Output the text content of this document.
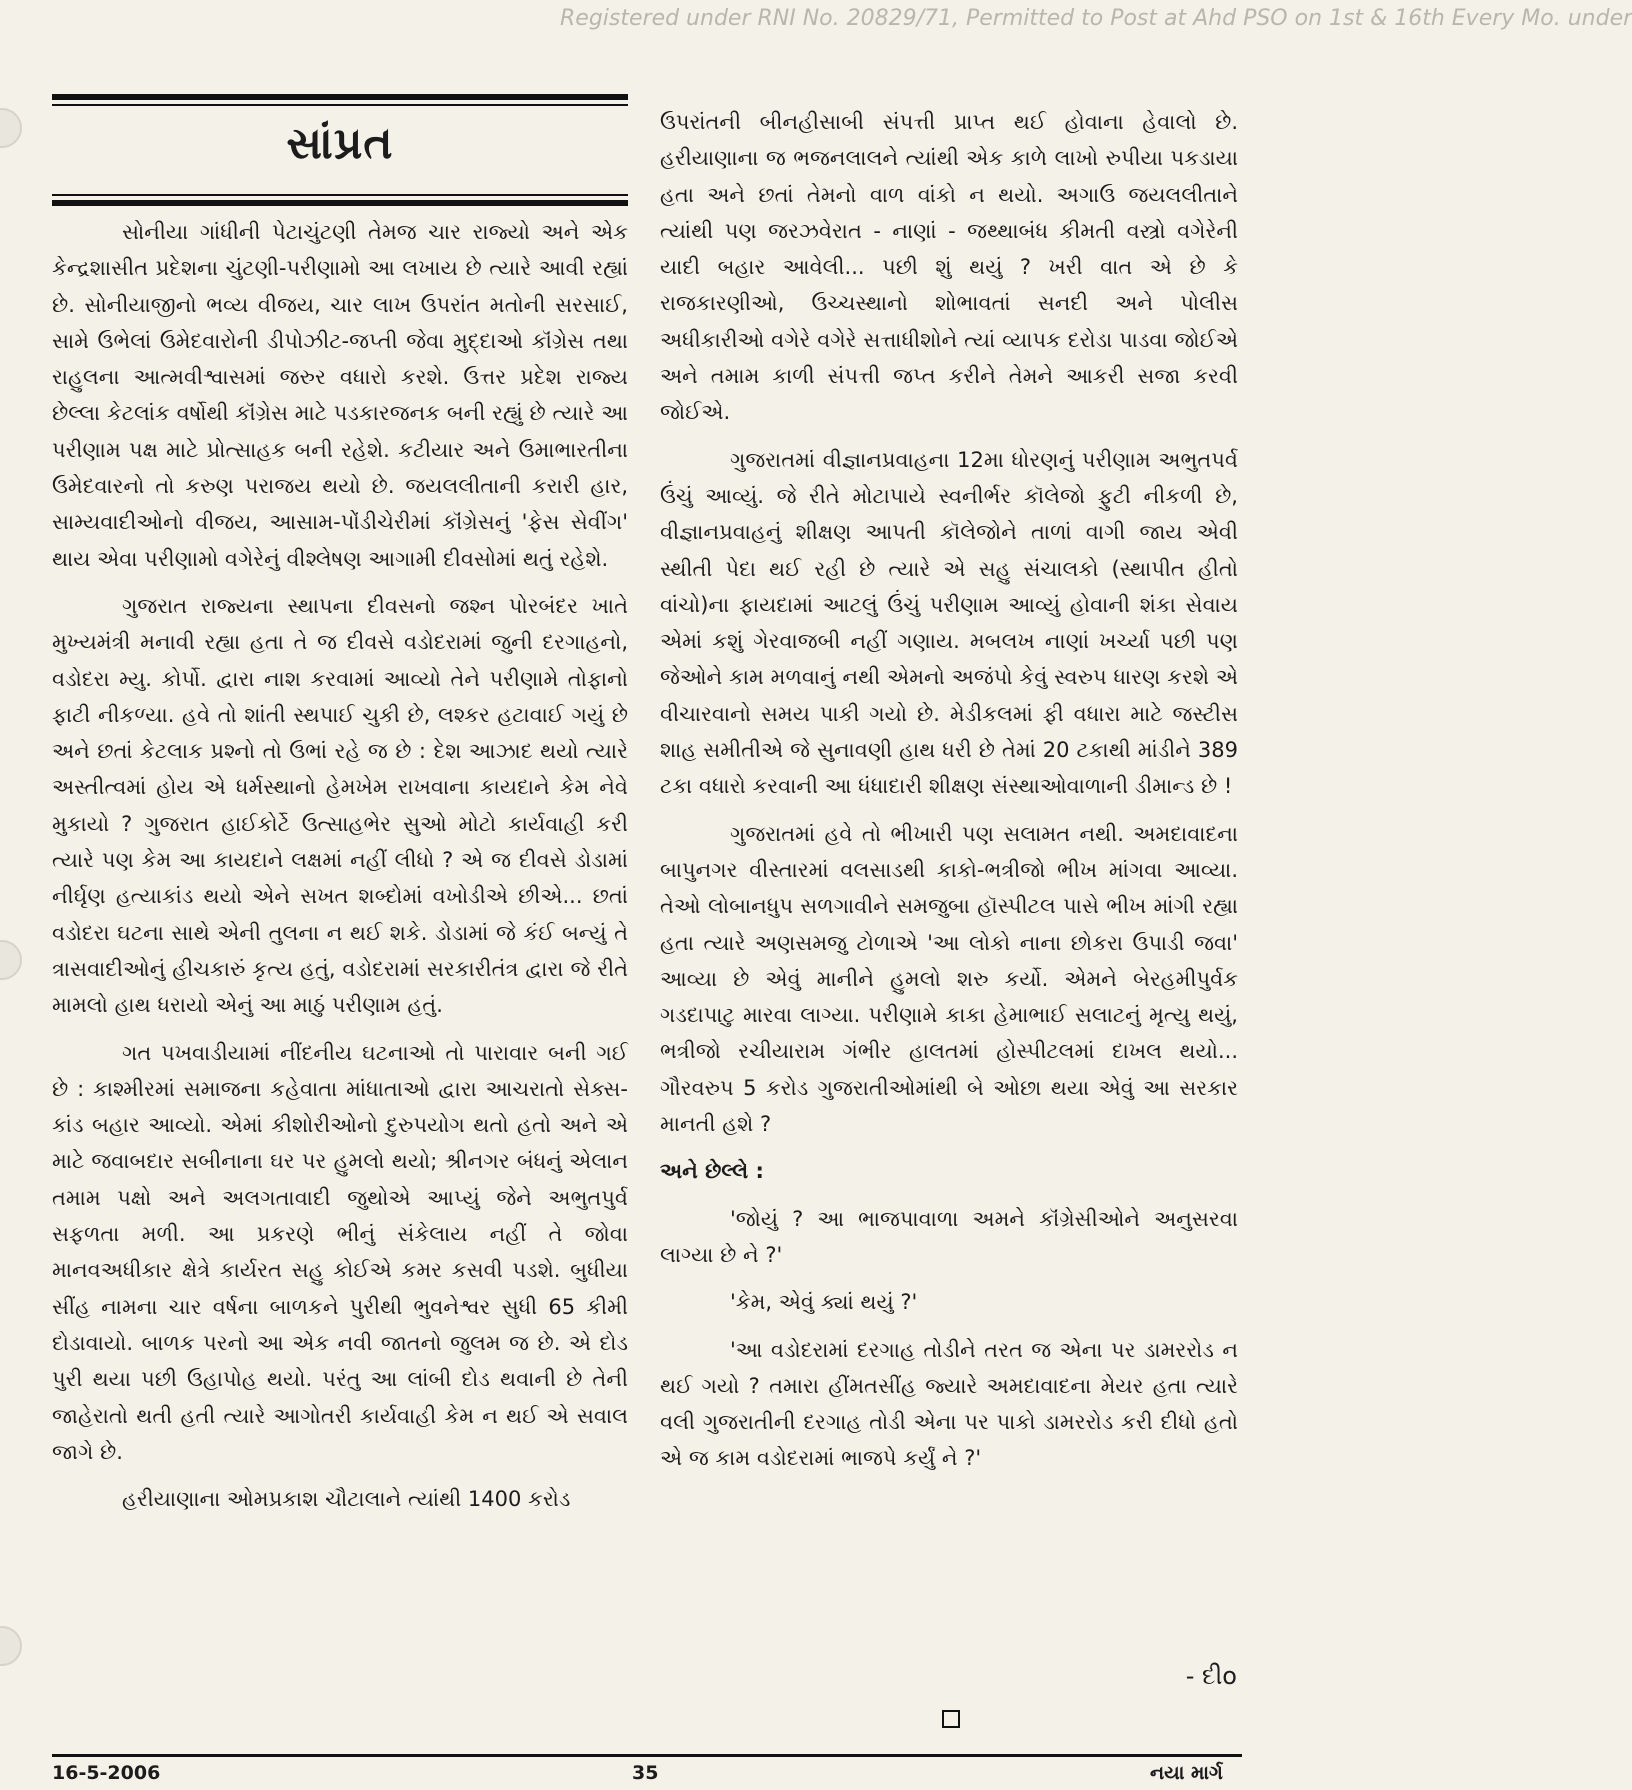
Registered under RNI No. 20829/71, Permitted to Post at Ahd PSO on 1st & 16th Every Mo. under
સાંપ્રત

સોનીયા ગાંધીની પેટાચુંટણી તેમજ ચાર રાજ્યો અને એક કેન્દ્રશાસીત પ્રદેશના ચુંટણી-પરીણામો આ લખાય છે ત્યારે આવી રહ્યાં છે. સોનીયાજીનો ભવ્ય વીજય, ચાર લાખ ઉપરાંત મતોની સરસાઈ, સામે ઉભેલાં ઉમેદવારોની ડીપોઝીટ-જપ્તી જેવા મુદ્દાઓ કૉંગ્રેસ તથા રાહુલના આત્મવીશ્વાસમાં જરુર વધારો કરશે. ઉત્તર પ્રદેશ રાજ્ય છેલ્લા કેટલાંક વર્ષોથી કૉંગ્રેસ માટે પડકારજનક બની રહ્યું છે ત્યારે આ પરીણામ પક્ષ માટે પ્રોત્સાહક બની રહેશે. કટીયાર અને ઉમાભારતીના ઉમેદવારનો તો કરુણ પરાજય થયો છે. જયલલીતાની કરારી હાર, સામ્યવાદીઓનો વીજય, આસામ-પોંડીચેરીમાં કૉંગ્રેસનું 'ફેસ સેવીંગ' થાય એવા પરીણામો વગેરેનું વીશ્લેષણ આગામી દીવસોમાં થતું રહેશે.

ગુજરાત રાજ્યના સ્થાપના દીવસનો જશ્ન પોરબંદર ખાતે મુખ્યમંત્રી મનાવી રહ્યા હતા તે જ દીવસે વડોદરામાં જુની દરગાહનો, વડોદરા મ્યુ. કોર્પો. દ્વારા નાશ કરવામાં આવ્યો તેને પરીણામે તોફાનો ફાટી નીકળ્યા. હવે તો શાંતી સ્થપાઈ ચુકી છે, લશ્કર હટાવાઈ ગયું છે અને છતાં કેટલાક પ્રશ્નો તો ઉભાં રહે જ છે : દેશ આઝાદ થયો ત્યારે અસ્તીત્વમાં હોય એ ધર્મસ્થાનો હેમખેમ રાખવાના કાયદાને કેમ નેવે મુકાયો ? ગુજરાત હાઈકોર્ટે ઉત્સાહભેર સુઓ મોટો કાર્યવાહી કરી ત્યારે પણ કેમ આ કાયદાને લક્ષમાં નહીં લીધો ? એ જ દીવસે ડોડામાં નીર્ઘૃણ હત્યાકાંડ થયો એને સખત શબ્દોમાં વખોડીએ છીએ... છતાં વડોદરા ઘટના સાથે એની તુલના ન થઈ શકે. ડોડામાં જે કંઈ બન્યું તે ત્રાસવાદીઓનું હીચકારું કૃત્ય હતું, વડોદરામાં સરકારીતંત્ર દ્વારા જે રીતે મામલો હાથ ધરાયો એનું આ માઠું પરીણામ હતું.

ગત પખવાડીયામાં નીંદનીય ઘટનાઓ તો પારાવાર બની ગઈ છે : કાશ્મીરમાં સમાજના કહેવાતા માંધાતાઓ દ્વારા આચરાતો સેક્સ-કાંડ બહાર આવ્યો. એમાં કીશોરીઓનો દુરુપયોગ થતો હતો અને એ માટે જવાબદાર સબીનાના ઘર પર હુમલો થયો; શ્રીનગર બંધનું એલાન તમામ પક્ષો અને અલગતાવાદી જુથોએ આપ્યું જેને અભુતપુર્વ સફળતા મળી. આ પ્રકરણે ભીનું સંકેલાય નહીં તે જોવા માનવઅધીકાર ક્ષેત્રે કાર્યરત સહુ કોઈએ કમર કસવી પડશે. બુધીયા સીંહ નામના ચાર વર્ષના બાળકને પુરીથી ભુવનેશ્વર સુધી 65 કીમી દોડાવાયો. બાળક પરનો આ એક નવી જાતનો જુલમ જ છે. એ દોડ પુરી થયા પછી ઉહાપોહ થયો. પરંતુ આ લાંબી દોડ થવાની છે તેની જાહેરાતો થતી હતી ત્યારે આગોતરી કાર્યવાહી કેમ ન થઈ એ સવાલ જાગે છે.

હરીયાણાના ઓમપ્રકાશ ચૌટાલાને ત્યાંથી 1400 કરોડ

ઉપરાંતની બીનહીસાબી સંપત્તી પ્રાપ્ત થઈ હોવાના હેવાલો છે. હરીયાણાના જ ભજનલાલને ત્યાંથી એક કાળે લાખો રુપીયા પકડાયા હતા અને છતાં તેમનો વાળ વાંકો ન થયો. અગાઉ જયલલીતાને ત્યાંથી પણ જરઝવેરાત - નાણાં - જથ્થાબંધ કીમતી વસ્ત્રો વગેરેની યાદી બહાર આવેલી... પછી શું થયું ? ખરી વાત એ છે કે રાજકારણીઓ, ઉચ્ચસ્થાનો શોભાવતાં સનદી અને પોલીસ અધીકારીઓ વગેરે વગેરે સત્તાધીશોને ત્યાં વ્યાપક દરોડા પાડવા જોઈએ અને તમામ કાળી સંપત્તી જપ્ત કરીને તેમને આકરી સજા કરવી જોઈએ.

ગુજરાતમાં વીજ્ઞાનપ્રવાહના 12મા ધોરણનું પરીણામ અભુતપર્વ ઉંચું આવ્યું. જે રીતે મોટાપાયે સ્વનીર્ભર કૉલેજો ફુટી નીકળી છે, વીજ્ઞાનપ્રવાહનું શીક્ષણ આપતી કૉલેજોને તાળાં વાગી જાય એવી સ્થીતી પેદા થઈ રહી છે ત્યારે એ સહુ સંચાલકો (સ્થાપીત હીતો વાંચો)ના ફાયદામાં આટલું ઉંચું પરીણામ આવ્યું હોવાની શંકા સેવાય એમાં કશું ગેરવાજબી નહીં ગણાય. મબલખ નાણાં ખર્ચ્યા પછી પણ જેઓને કામ મળવાનું નથી એમનો અજંપો કેવું સ્વરુપ ધારણ કરશે એ વીચારવાનો સમય પાકી ગયો છે. મેડીકલમાં ફી વધારા માટે જસ્ટીસ શાહ સમીતીએ જે સુનાવણી હાથ ધરી છે તેમાં 20 ટકાથી માંડીને 389 ટકા વધારો કરવાની આ ધંધાદારી શીક્ષણ સંસ્થાઓવાળાની ડીમાન્ડ છે !

ગુજરાતમાં હવે તો ભીખારી પણ સલામત નથી. અમદાવાદના બાપુનગર વીસ્તારમાં વલસાડથી કાકો-ભત્રીજો ભીખ માંગવા આવ્યા. તેઓ લોબાનધુપ સળગાવીને સમજુબા હૉસ્પીટલ પાસે ભીખ માંગી રહ્યા હતા ત્યારે અણસમજુ ટોળાએ 'આ લોકો નાના છોકરા ઉપાડી જવા' આવ્યા છે એવું માનીને હુમલો શરુ કર્યો. એમને બેરહમીપુર્વક ગડદાપાટુ મારવા લાગ્યા. પરીણામે કાકા હેમાભાઈ સલાટનું મૃત્યુ થયું, ભત્રીજો રચીયારામ ગંભીર હાલતમાં હોસ્પીટલમાં દાખલ થયો... ગૌરવરુપ 5 કરોડ ગુજરાતીઓમાંથી બે ઓછા થયા એવું આ સરકાર માનતી હશે ?

અને છેલ્લે :

'જોયું ? આ ભાજપાવાળા અમને કૉંગ્રેસીઓને અનુસરવા લાગ્યા છે ને ?'

'કેમ, એવું ક્યાં થયું ?'

'આ વડોદરામાં દરગાહ તોડીને તરત જ એના પર ડામરરોડ ન થઈ ગયો ? તમારા હીંમતસીંહ જ્યારે અમદાવાદના મેયર હતા ત્યારે વલી ગુજરાતીની દરગાહ તોડી એના પર પાકો ડામરરોડ કરી દીધો હતો એ જ કામ વડોદરામાં ભાજપે કર્યું ને ?'

- દીo
16-5-2006	35	નયા માર્ગ
